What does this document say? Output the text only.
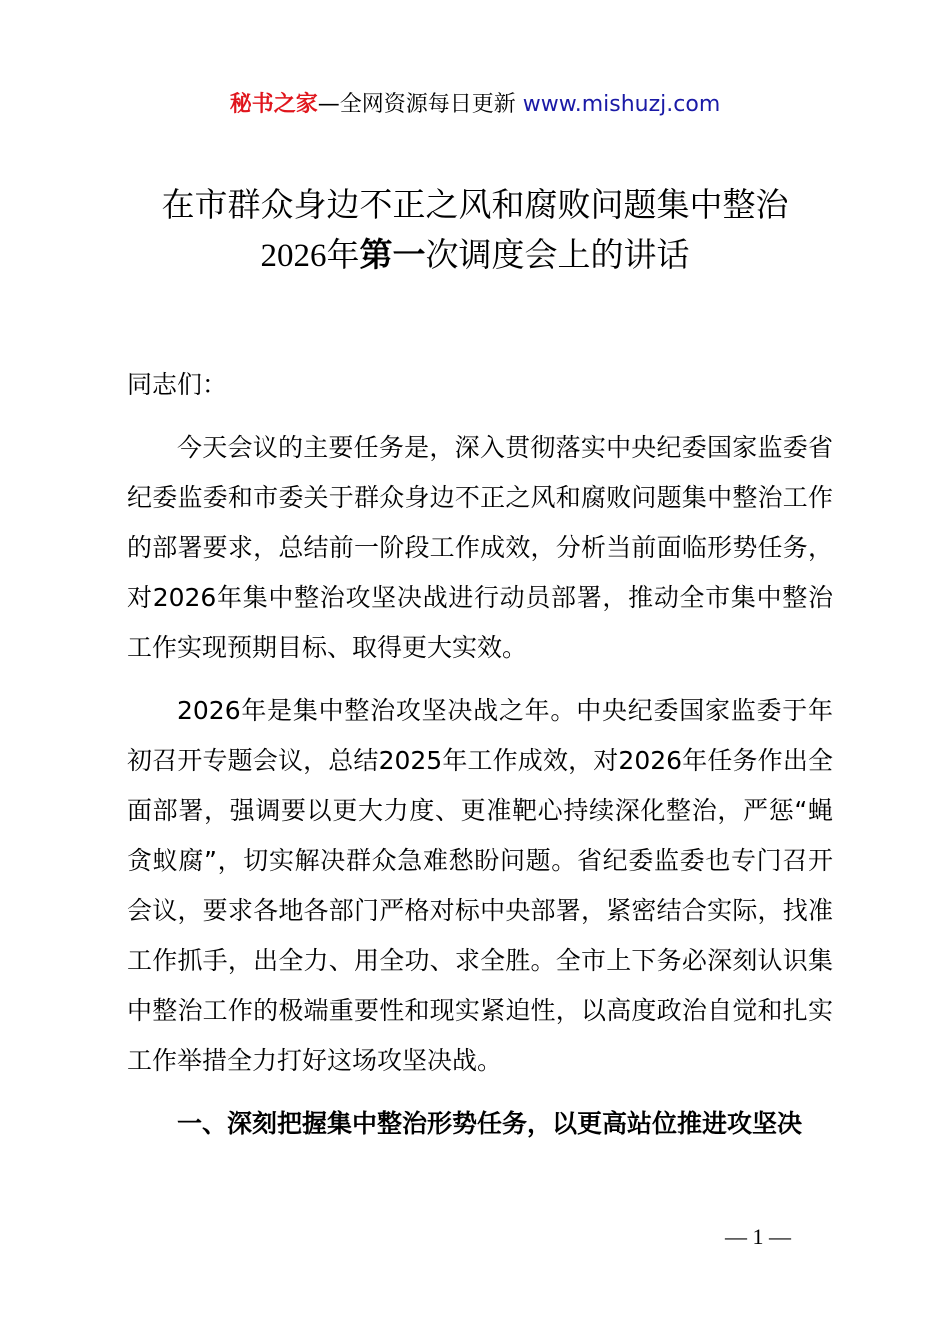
秘书之家—全网资源每日更新 www.mishuzj.com
在市群众身边不正之风和腐败问题集中整治
2026年第一次调度会上的讲话

同志们：

今天会议的主要任务是，深入贯彻落实中央纪委国家监委省纪委监委和市委关于群众身边不正之风和腐败问题集中整治工作的部署要求，总结前一阶段工作成效，分析当前面临形势任务，对2026年集中整治攻坚决战进行动员部署，推动全市集中整治工作实现预期目标、取得更大实效。

2026年是集中整治攻坚决战之年。中央纪委国家监委于年初召开专题会议，总结2025年工作成效，对2026年任务作出全面部署，强调要以更大力度、更准靶心持续深化整治，严惩“蝇贪蚁腐”，切实解决群众急难愁盼问题。省纪委监委也专门召开会议，要求各地各部门严格对标中央部署，紧密结合实际，找准工作抓手，出全力、用全功、求全胜。全市上下务必深刻认识集中整治工作的极端重要性和现实紧迫性，以高度政治自觉和扎实工作举措全力打好这场攻坚决战。

一、深刻把握集中整治形势任务，以更高站位推进攻坚决

— 1 —
